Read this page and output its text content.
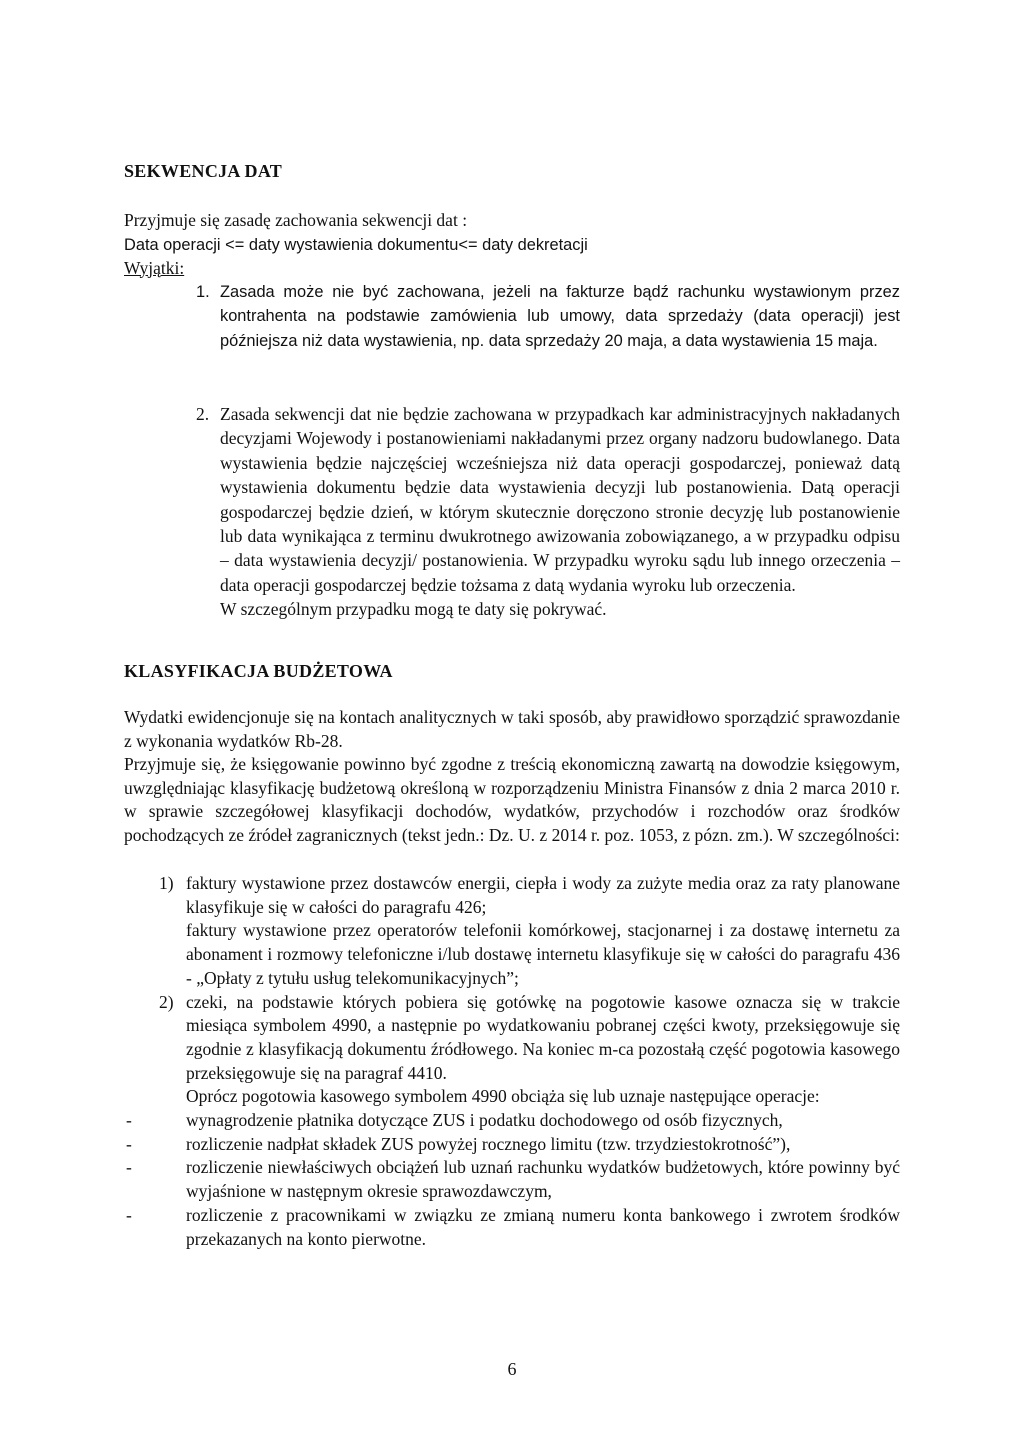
SEKWENCJA DAT
Przyjmuje się zasadę zachowania sekwencji dat :
Data operacji <= daty wystawienia dokumentu<= daty dekretacji
Wyjątki:
1. Zasada może nie być zachowana, jeżeli na fakturze bądź rachunku wystawionym przez kontrahenta na podstawie zamówienia lub umowy, data sprzedaży (data operacji) jest późniejsza niż data wystawienia, np. data sprzedaży 20 maja, a data wystawienia 15 maja.
2. Zasada sekwencji dat nie będzie zachowana w przypadkach kar administracyjnych nakładanych decyzjami Wojewody i postanowieniami nakładanymi przez organy nadzoru budowlanego. Data wystawienia będzie najczęściej wcześniejsza niż data operacji gospodarczej, ponieważ datą wystawienia dokumentu będzie data wystawienia decyzji lub postanowienia. Datą operacji gospodarczej będzie dzień, w którym skutecznie doręczono stronie decyzję lub postanowienie lub data wynikająca z terminu dwukrotnego awizowania zobowiązanego, a w przypadku odpisu – data wystawienia decyzji/ postanowienia. W przypadku wyroku sądu lub innego orzeczenia – data operacji gospodarczej będzie tożsama z datą wydania wyroku lub orzeczenia.
W szczególnym przypadku mogą te daty się pokrywać.
KLASYFIKACJA BUDŻETOWA
Wydatki ewidencjonuje się na kontach analitycznych w taki sposób, aby prawidłowo sporządzić sprawozdanie z wykonania wydatków Rb-28.
Przyjmuje się, że księgowanie powinno być zgodne z treścią ekonomiczną zawartą na dowodzie księgowym, uwzględniając klasyfikację budżetową określoną w rozporządzeniu Ministra Finansów z dnia 2 marca 2010 r. w sprawie szczegółowej klasyfikacji dochodów, wydatków, przychodów i rozchodów oraz środków pochodzących ze źródeł zagranicznych (tekst jedn.: Dz. U. z 2014 r. poz. 1053, z pózn. zm.). W szczególności:
1) faktury wystawione przez dostawców energii, ciepła i wody za zużyte media oraz za raty planowane klasyfikuje się w całości do paragrafu 426;
faktury wystawione przez operatorów telefonii komórkowej, stacjonarnej i za dostawę internetu za abonament i rozmowy telefoniczne i/lub dostawę internetu klasyfikuje się w całości do paragrafu 436 - „Opłaty z tytułu usług telekomunikacyjnych”;
2) czeki, na podstawie których pobiera się gotówkę na pogotowie kasowe oznacza się w trakcie miesiąca symbolem 4990, a następnie po wydatkowaniu pobranej części kwoty, przeksięgowuje się zgodnie z klasyfikacją dokumentu źródłowego. Na koniec m-ca pozostałą część pogotowia kasowego przeksięgowuje się na paragraf 4410.
Oprócz pogotowia kasowego symbolem 4990 obciąża się lub uznaje następujące operacje:
-	wynagrodzenie płatnika dotyczące ZUS i podatku dochodowego od osób fizycznych,
-	rozliczenie nadpłat składek ZUS powyżej rocznego limitu (tzw. trzydziestokrotność”),
-	rozliczenie niewłaściwych obciążeń lub uznań rachunku wydatków budżetowych, które powinny być wyjaśnione w następnym okresie sprawozdawczym,
-	rozliczenie z pracownikami w związku ze zmianą numeru konta bankowego i zwrotem środków przekazanych na konto pierwotne.
6
